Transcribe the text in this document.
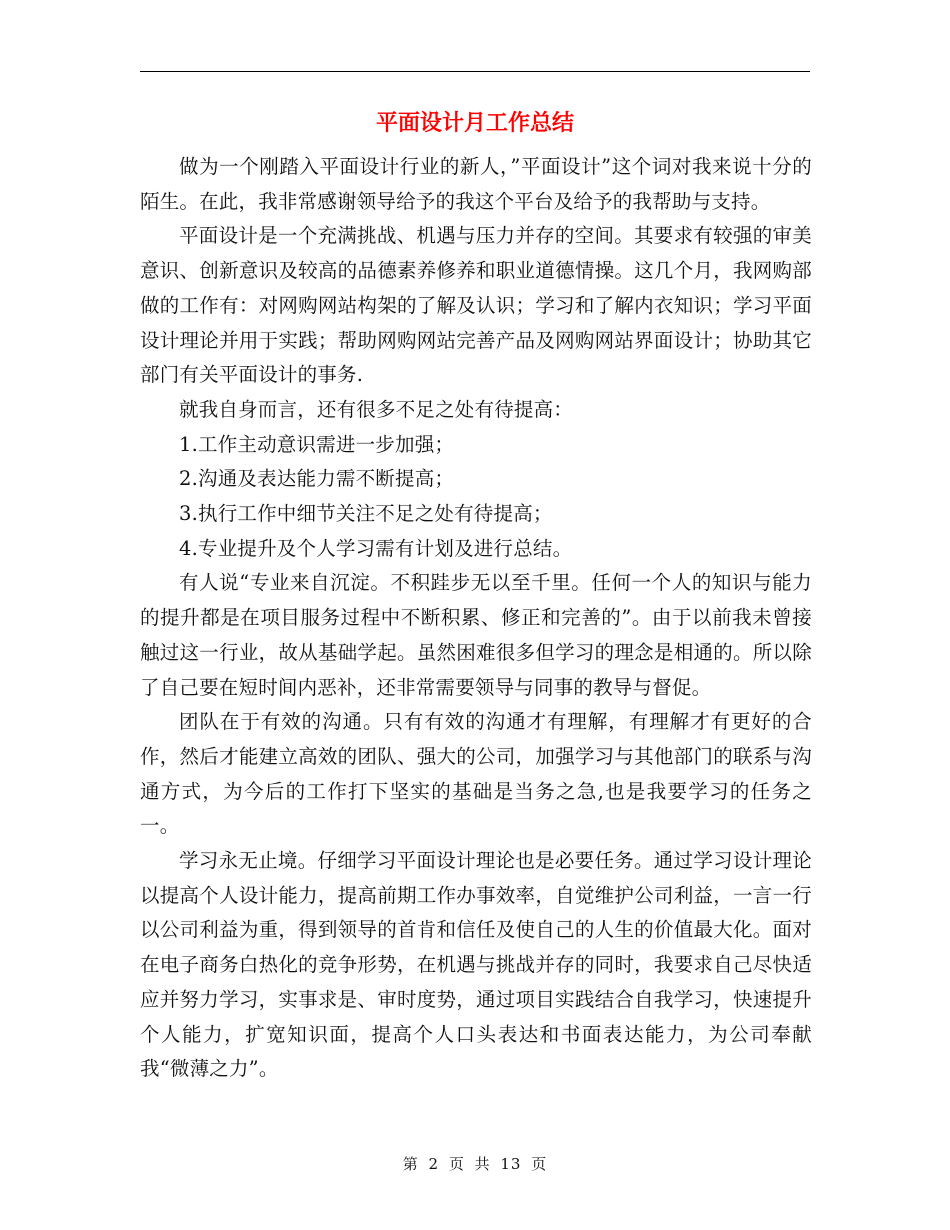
平面设计月工作总结

做为一个刚踏入平面设计行业的新人，”平面设计”这个词对我来说十分的陌生。在此，我非常感谢领导给予的我这个平台及给予的我帮助与支持。

平面设计是一个充满挑战、机遇与压力并存的空间。其要求有较强的审美意识、创新意识及较高的品德素养修养和职业道德情操。这几个月，我网购部做的工作有：对网购网站构架的了解及认识；学习和了解内衣知识；学习平面设计理论并用于实践；帮助网购网站完善产品及网购网站界面设计；协助其它部门有关平面设计的事务.

就我自身而言，还有很多不足之处有待提高：

1.工作主动意识需进一步加强；

2.沟通及表达能力需不断提高；

3.执行工作中细节关注不足之处有待提高；

4.专业提升及个人学习需有计划及进行总结。

有人说“专业来自沉淀。不积跬步无以至千里。任何一个人的知识与能力的提升都是在项目服务过程中不断积累、修正和完善的”。由于以前我未曾接触过这一行业，故从基础学起。虽然困难很多但学习的理念是相通的。所以除了自己要在短时间内恶补，还非常需要领导与同事的教导与督促。

团队在于有效的沟通。只有有效的沟通才有理解，有理解才有更好的合作，然后才能建立高效的团队、强大的公司，加强学习与其他部门的联系与沟通方式，为今后的工作打下坚实的基础是当务之急,也是我要学习的任务之一。

学习永无止境。仔细学习平面设计理论也是必要任务。通过学习设计理论以提高个人设计能力，提高前期工作办事效率，自觉维护公司利益，一言一行以公司利益为重，得到领导的首肯和信任及使自己的人生的价值最大化。面对在电子商务白热化的竞争形势，在机遇与挑战并存的同时，我要求自己尽快适应并努力学习，实事求是、审时度势，通过项目实践结合自我学习，快速提升个人能力，扩宽知识面，提高个人口头表达和书面表达能力，为公司奉献我“微薄之力”。

第 2 页 共 13 页
